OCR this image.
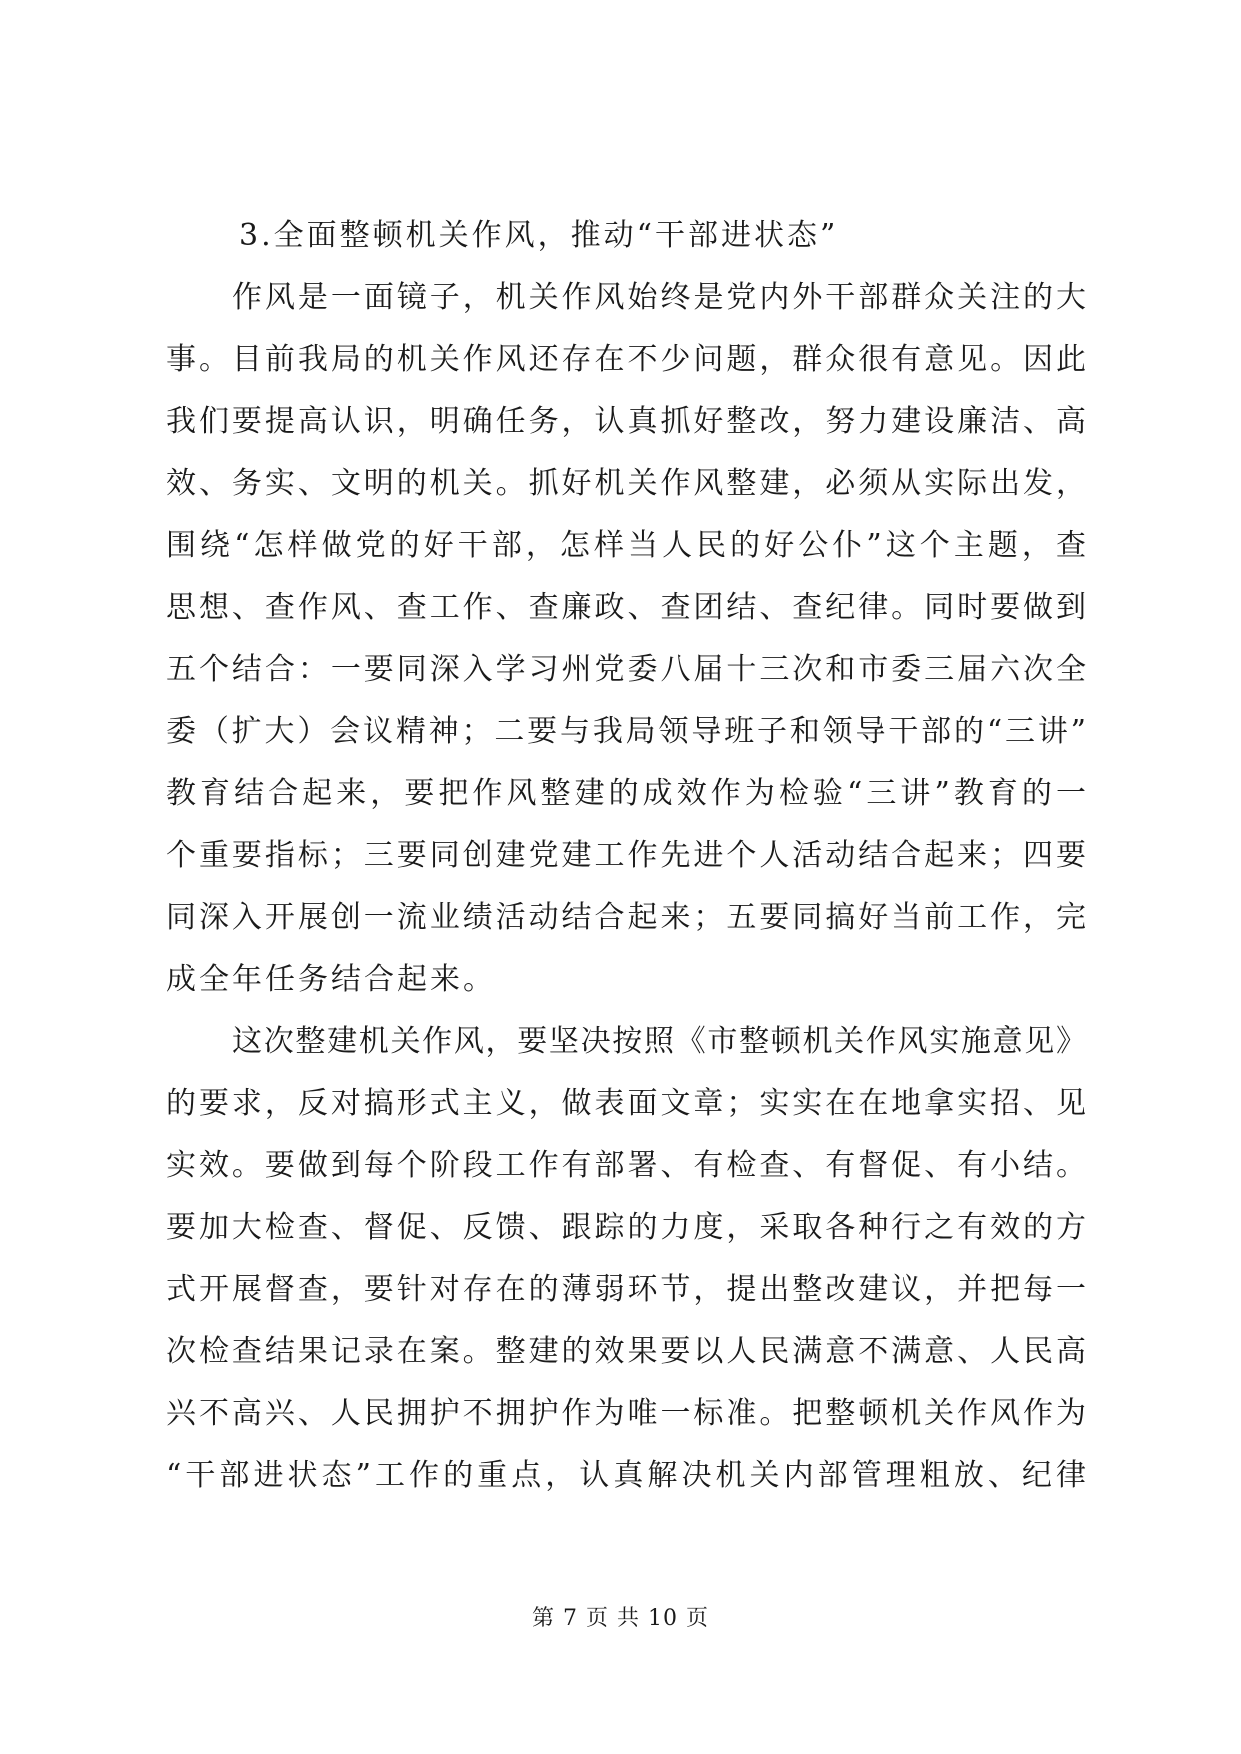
3.全面整顿机关作风，推动“干部进状态”
作风是一面镜子，机关作风始终是党内外干部群众关注的大
事。目前我局的机关作风还存在不少问题，群众很有意见。因此
我们要提高认识，明确任务，认真抓好整改，努力建设廉洁、高
效、务实、文明的机关。抓好机关作风整建，必须从实际出发，
围绕“怎样做党的好干部，怎样当人民的好公仆”这个主题，查
思想、查作风、查工作、查廉政、查团结、查纪律。同时要做到
五个结合：一要同深入学习州党委八届十三次和市委三届六次全
委（扩大）会议精神；二要与我局领导班子和领导干部的“三讲”
教育结合起来，要把作风整建的成效作为检验“三讲”教育的一
个重要指标；三要同创建党建工作先进个人活动结合起来；四要
同深入开展创一流业绩活动结合起来；五要同搞好当前工作，完
成全年任务结合起来。
这次整建机关作风，要坚决按照《市整顿机关作风实施意见》
的要求，反对搞形式主义，做表面文章；实实在在地拿实招、见
实效。要做到每个阶段工作有部署、有检查、有督促、有小结。
要加大检查、督促、反馈、跟踪的力度，采取各种行之有效的方
式开展督查，要针对存在的薄弱环节，提出整改建议，并把每一
次检查结果记录在案。整建的效果要以人民满意不满意、人民高
兴不高兴、人民拥护不拥护作为唯一标准。把整顿机关作风作为
“干部进状态”工作的重点，认真解决机关内部管理粗放、纪律
第 7 页 共 10 页
